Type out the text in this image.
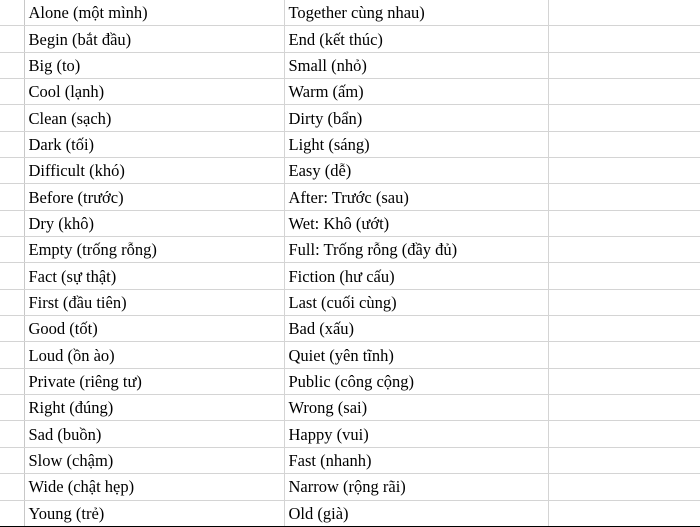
	Alone (một mình)	Together cùng nhau)	
	Begin (bắt đầu)	End (kết thúc)	
	Big (to)	Small (nhỏ)	
	Cool (lạnh)	Warm (ấm)	
	Clean (sạch)	Dirty (bẩn)	
	Dark (tối)	Light (sáng)	
	Difficult (khó)	Easy (dễ)	
	Before (trước)	After: Trước (sau)	
	Dry (khô)	Wet: Khô (ướt)	
	Empty (trống rỗng)	Full: Trống rỗng (đầy đủ)	
	Fact (sự thật)	Fiction (hư cấu)	
	First (đầu tiên)	Last (cuối cùng)	
	Good (tốt)	Bad (xấu)	
	Loud (ồn ào)	Quiet (yên tĩnh)	
	Private (riêng tư)	Public (công cộng)	
	Right (đúng)	Wrong (sai)	
	Sad (buồn)	Happy (vui)	
	Slow (chậm)	Fast (nhanh)	
	Wide (chật hẹp)	Narrow (rộng rãi)	
	Young (trẻ)	Old (già)	
